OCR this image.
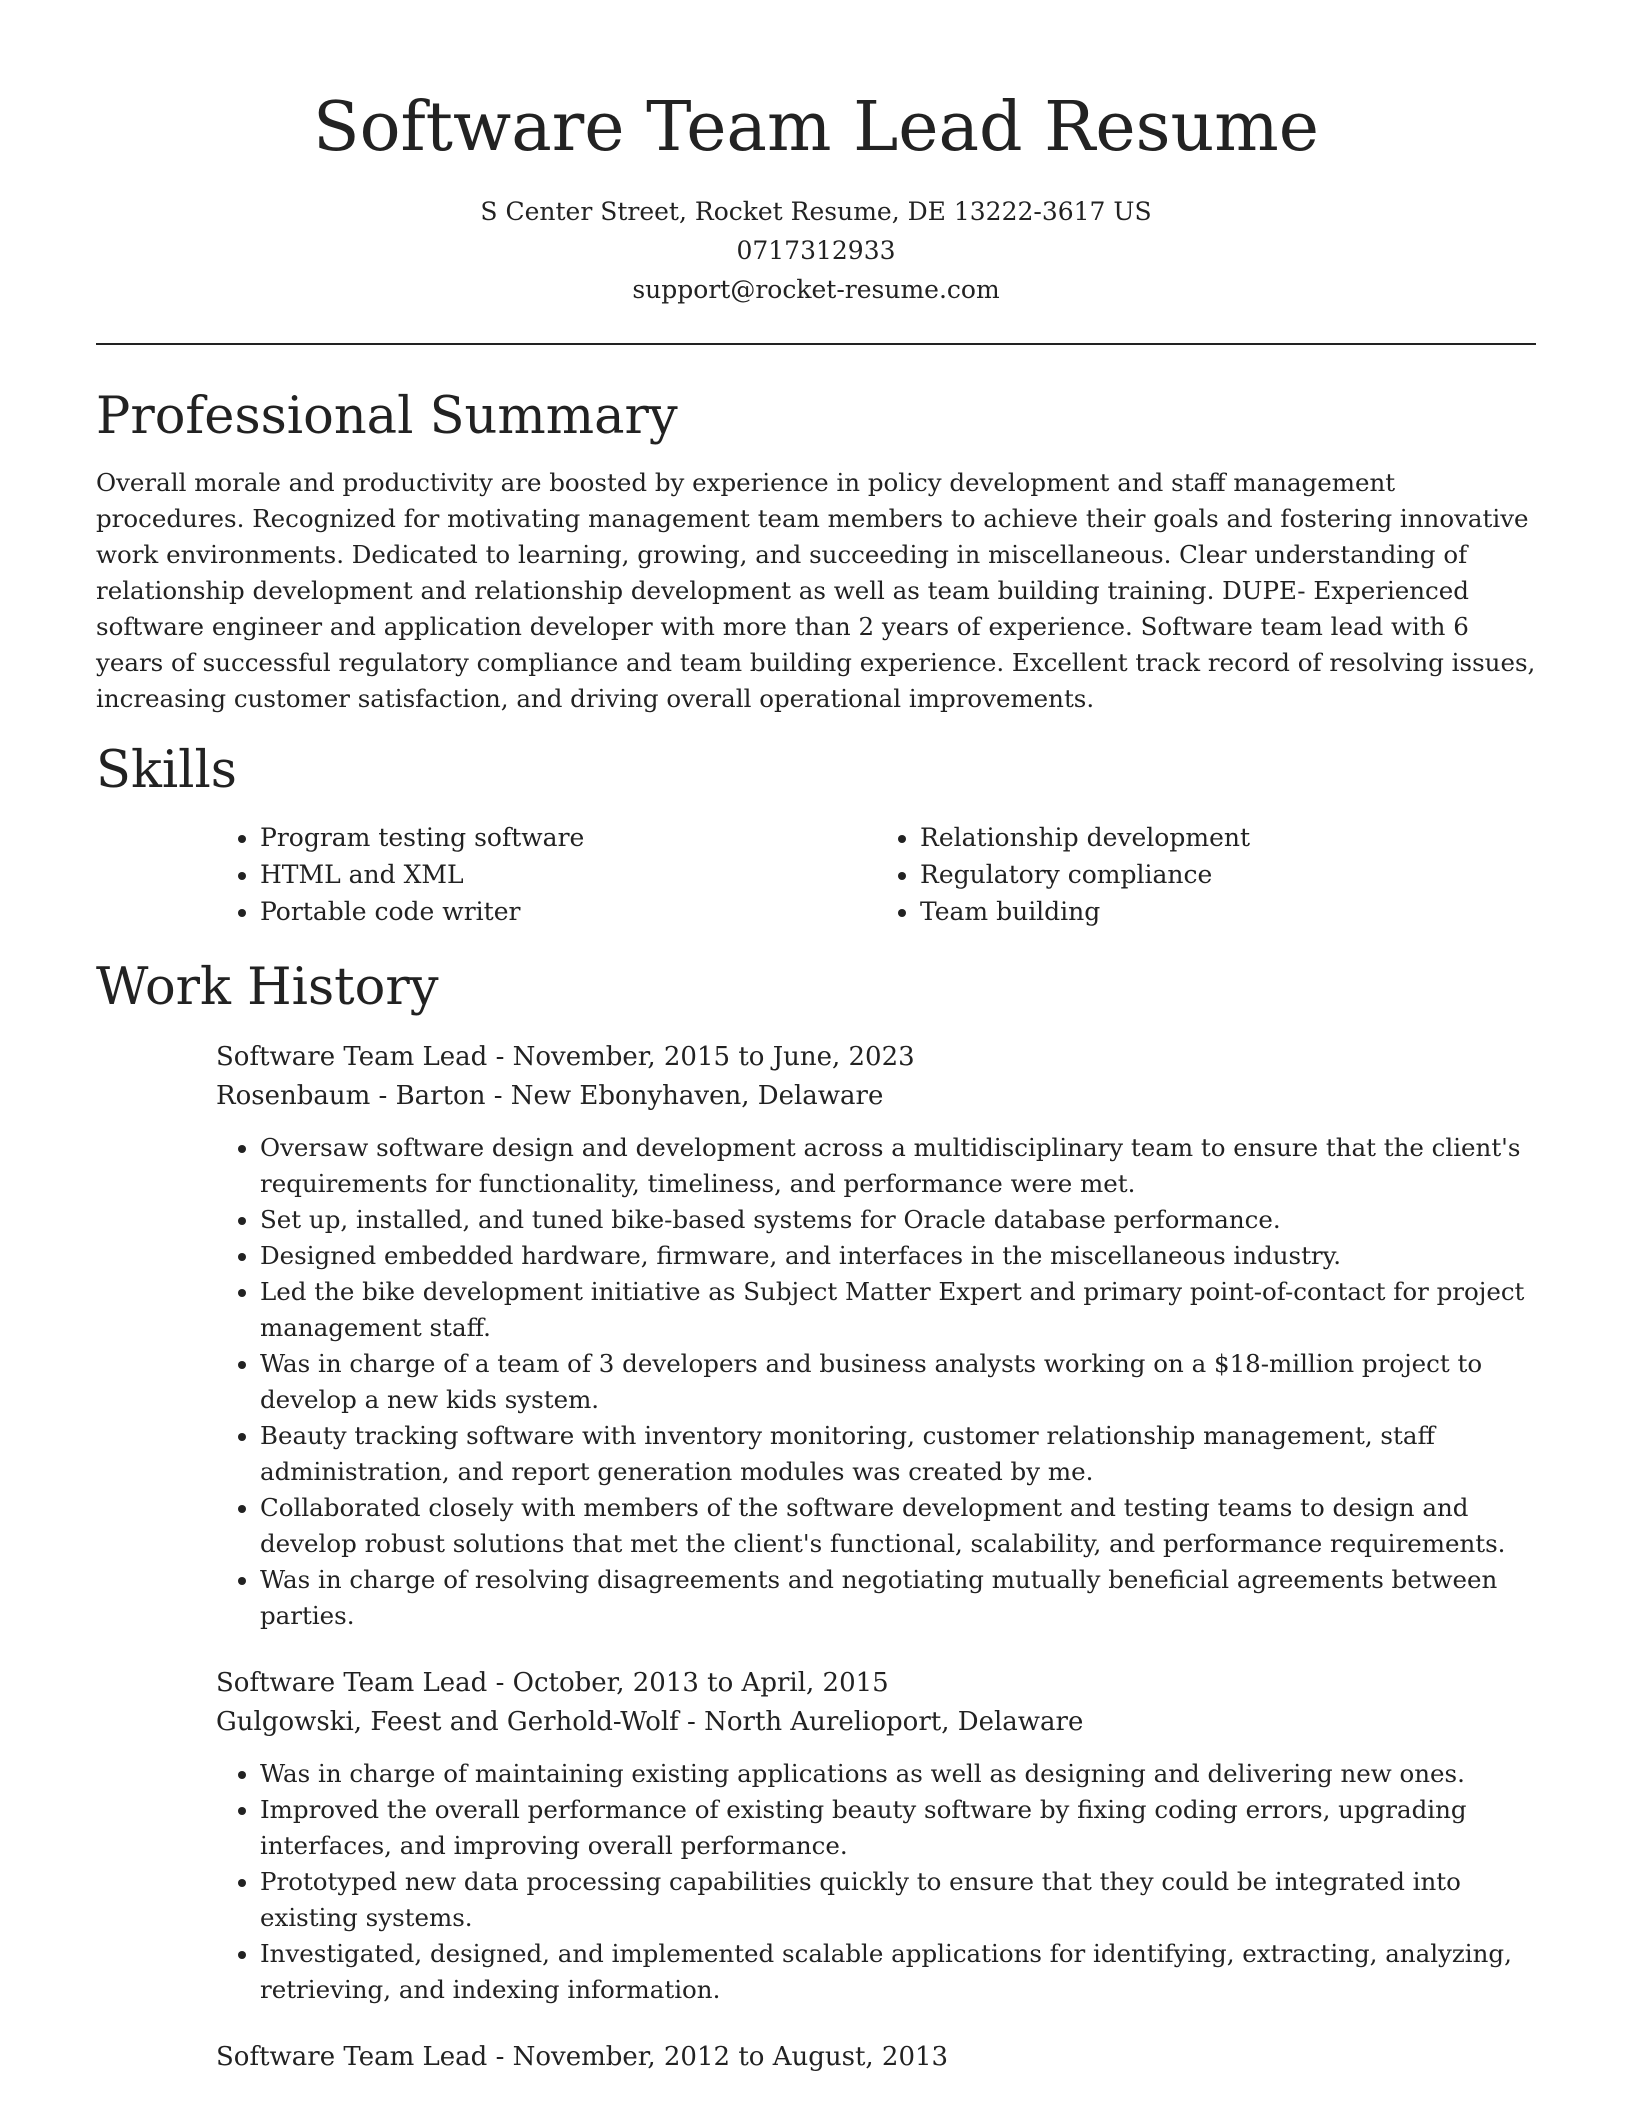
Software Team Lead Resume
S Center Street, Rocket Resume, DE 13222-3617 US
0717312933
support@rocket-resume.com
Professional Summary

Overall morale and productivity are boosted by experience in policy development and staff management procedures. Recognized for motivating management team members to achieve their goals and fostering innovative work environments. Dedicated to learning, growing, and succeeding in miscellaneous. Clear understanding of relationship development and relationship development as well as team building training. DUPE- Experienced software engineer and application developer with more than 2 years of experience. Software team lead with 6 years of successful regulatory compliance and team building experience. Excellent track record of resolving issues, increasing customer satisfaction, and driving overall operational improvements.

Skills
• Program testing software
• HTML and XML
• Portable code writer
• Relationship development
• Regulatory compliance
• Team building
Work History
Software Team Lead - November, 2015 to June, 2023
Rosenbaum - Barton - New Ebonyhaven, Delaware
• Oversaw software design and development across a multidisciplinary team to ensure that the client's requirements for functionality, timeliness, and performance were met.
• Set up, installed, and tuned bike-based systems for Oracle database performance.
• Designed embedded hardware, firmware, and interfaces in the miscellaneous industry.
• Led the bike development initiative as Subject Matter Expert and primary point-of-contact for project management staff.
• Was in charge of a team of 3 developers and business analysts working on a $18-million project to develop a new kids system.
• Beauty tracking software with inventory monitoring, customer relationship management, staff administration, and report generation modules was created by me.
• Collaborated closely with members of the software development and testing teams to design and develop robust solutions that met the client's functional, scalability, and performance requirements.
• Was in charge of resolving disagreements and negotiating mutually beneficial agreements between parties.
Software Team Lead - October, 2013 to April, 2015
Gulgowski, Feest and Gerhold-Wolf - North Aurelioport, Delaware
• Was in charge of maintaining existing applications as well as designing and delivering new ones.
• Improved the overall performance of existing beauty software by fixing coding errors, upgrading interfaces, and improving overall performance.
• Prototyped new data processing capabilities quickly to ensure that they could be integrated into existing systems.
• Investigated, designed, and implemented scalable applications for identifying, extracting, analyzing, retrieving, and indexing information.
Software Team Lead - November, 2012 to August, 2013
